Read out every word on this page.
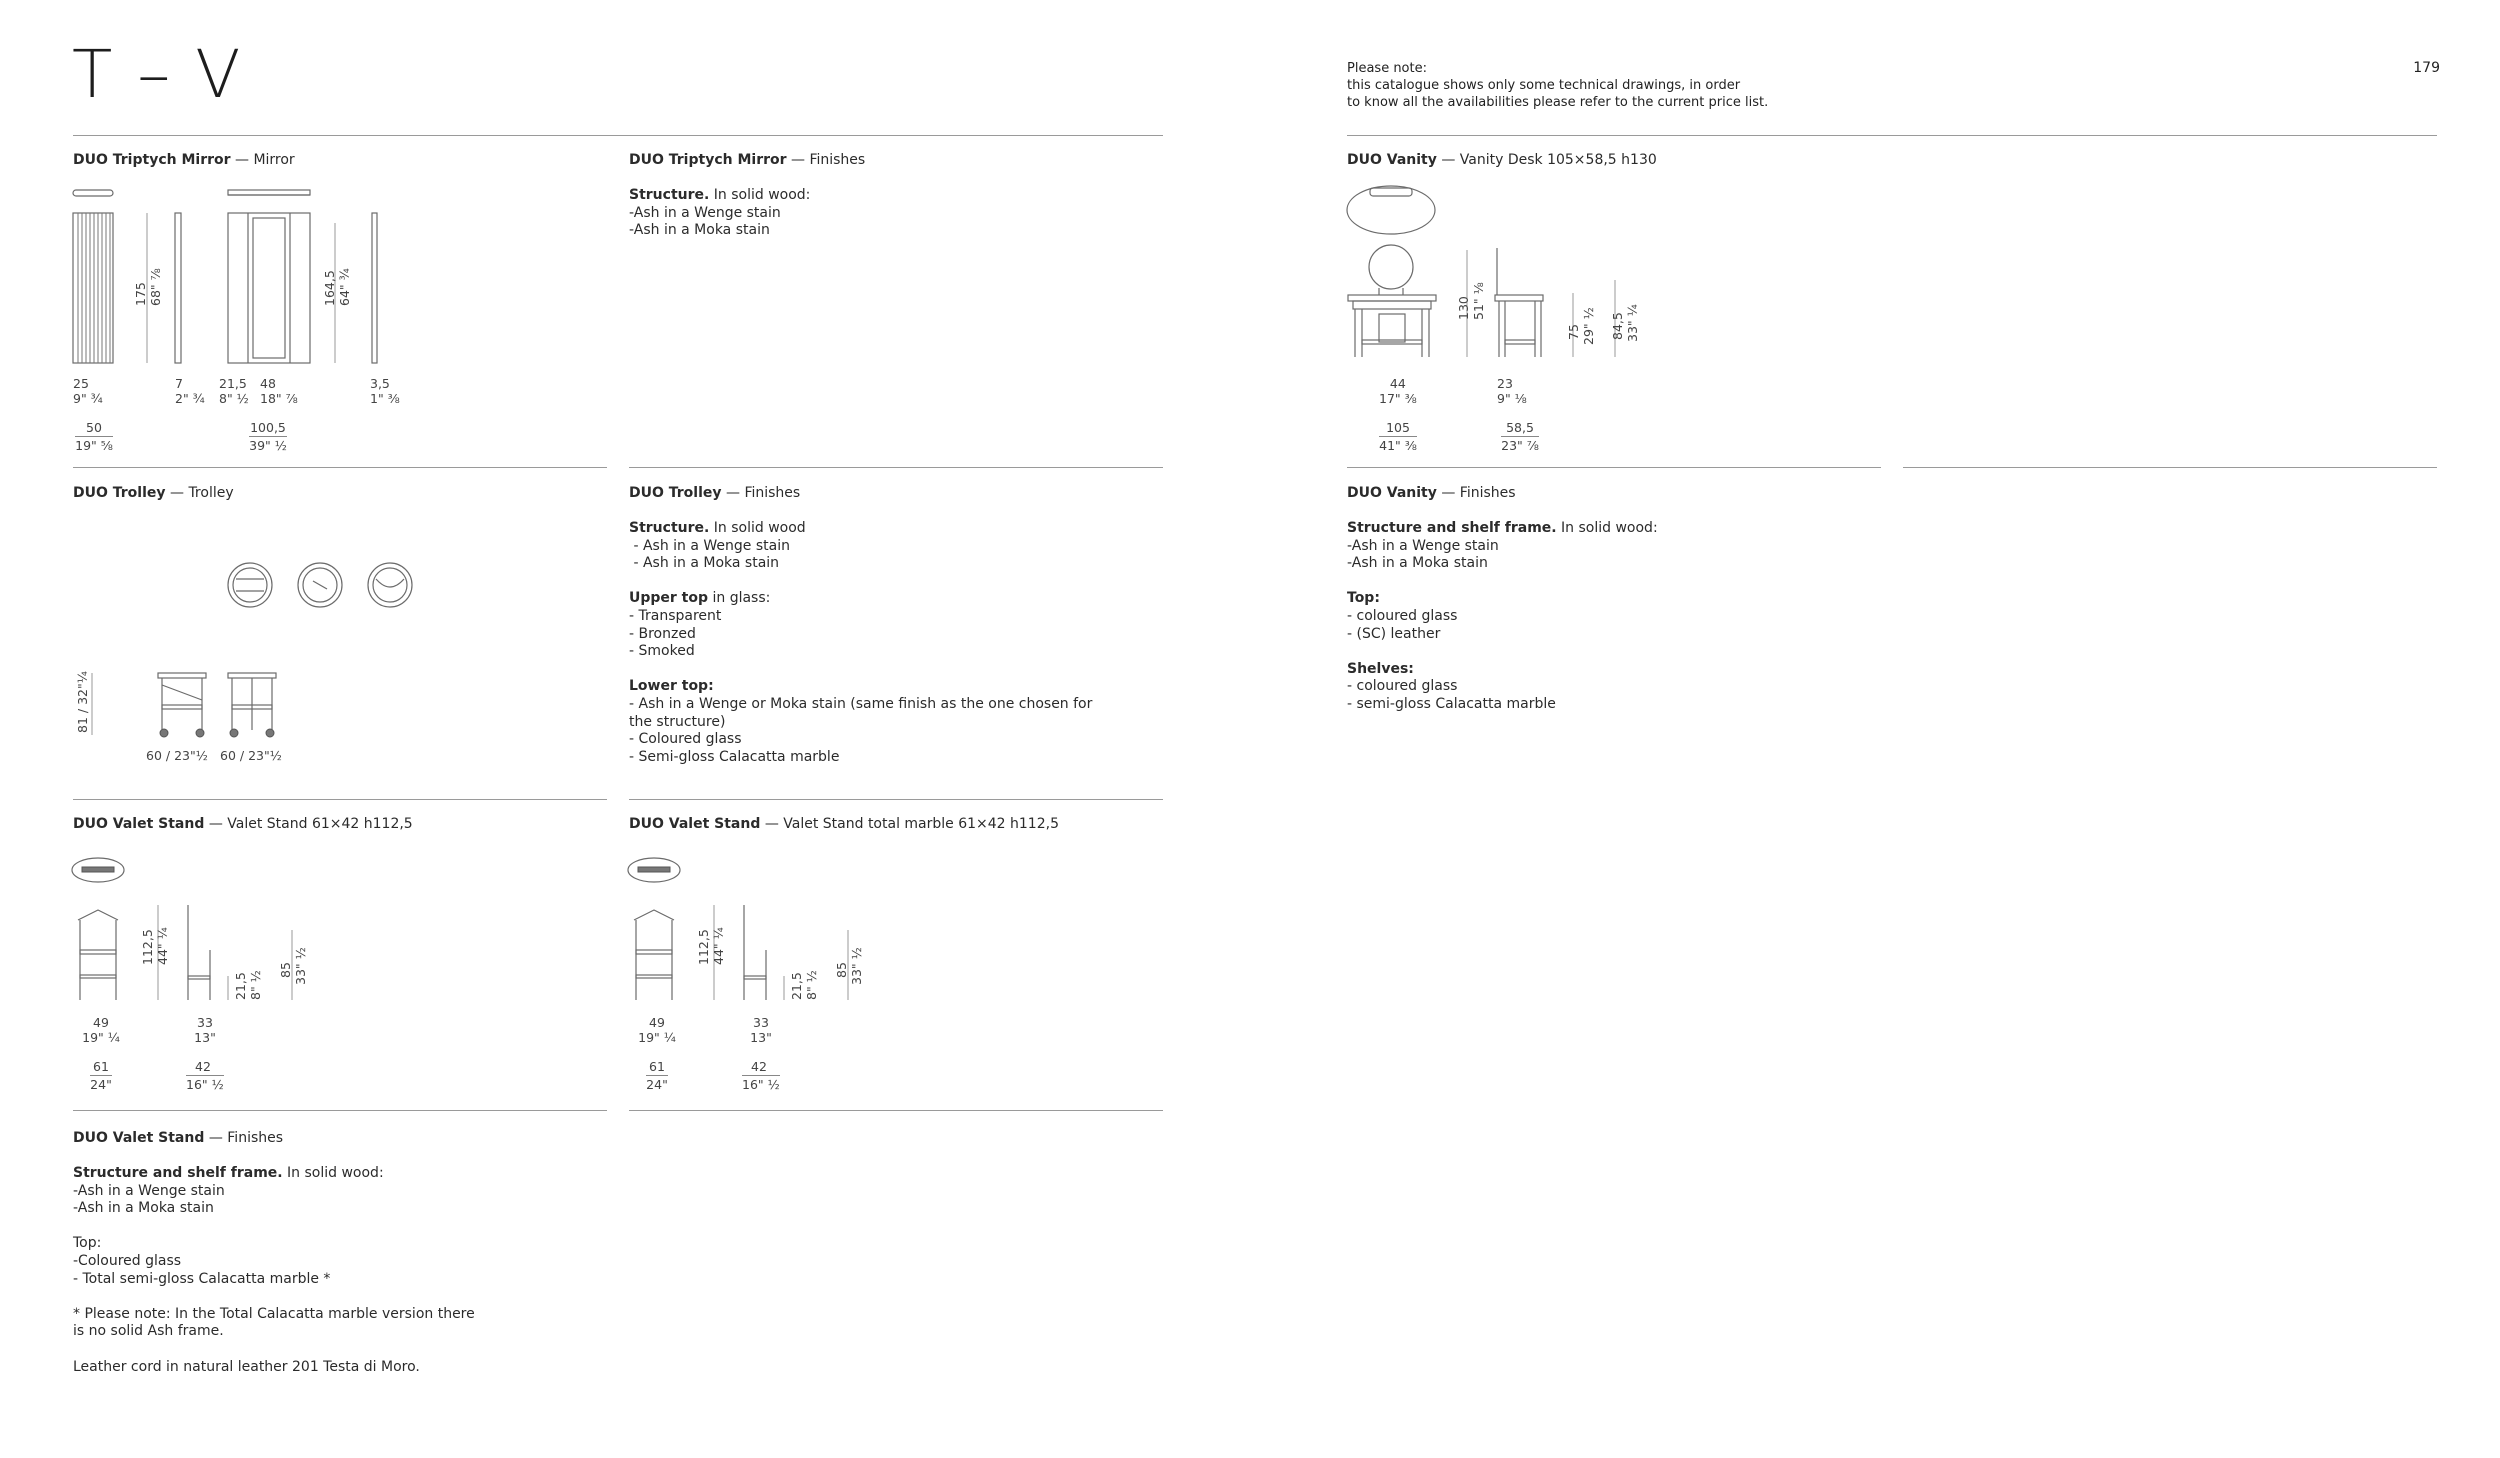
T – V	Please note:
this catalogue shows only some technical drawings, in order
to know all the availabilities please refer to the current price list.
179
DUO Triptych Mirror — Mirror
175 68" ⅞	164,5 64" ¾
25
9" ¾
7
2" ¾
21,5
8" ½
48
18" ⅞
3,5
1" ⅜
50
19" ⅝
100,5
39" ½
DUO Triptych Mirror — Finishes
Structure. In solid wood:
-Ash in a Wenge stain
-Ash in a Moka stain
DUO Vanity — Vanity Desk 105×58,5 h130
130 51" ⅛
75 29" ½ 84,5 33" ¼
44
17" ⅜
23
9" ⅛
105
41" ⅜
58,5
23" ⅞
DUO Trolley — Trolley
81 / 32"¼
60 / 23"½ 60 / 23"½
DUO Trolley — Finishes
Structure. In solid wood
- Ash in a Wenge stain
- Ash in a Moka stain
Upper top in glass:
- Transparent
- Bronzed
- Smoked
Lower top:
- Ash in a Wenge or Moka stain (same finish as the one chosen for
the structure)
- Coloured glass
- Semi-gloss Calacatta marble
DUO Vanity — Finishes
Structure and shelf frame. In solid wood:
-Ash in a Wenge stain
-Ash in a Moka stain
Top:
- coloured glass
- (SC) leather
Shelves:
- coloured glass
- semi-gloss Calacatta marble
DUO Valet Stand — Valet Stand 61×42 h112,5
112,5 44" ¼
21,5 8" ½
85 33" ½
49
19" ¼
33
13"
61
24"
42
16" ½
DUO Valet Stand — Valet Stand total marble 61×42 h112,5
112,5 44" ¼
21,5 8" ½
85 33" ½
49
19" ¼
33
13"
61
24"
42
16" ½
DUO Valet Stand — Finishes
Structure and shelf frame. In solid wood:
-Ash in a Wenge stain
-Ash in a Moka stain
Top:
-Coloured glass
- Total semi-gloss Calacatta marble *
* Please note: In the Total Calacatta marble version there
is no solid Ash frame.
Leather cord in natural leather 201 Testa di Moro.
